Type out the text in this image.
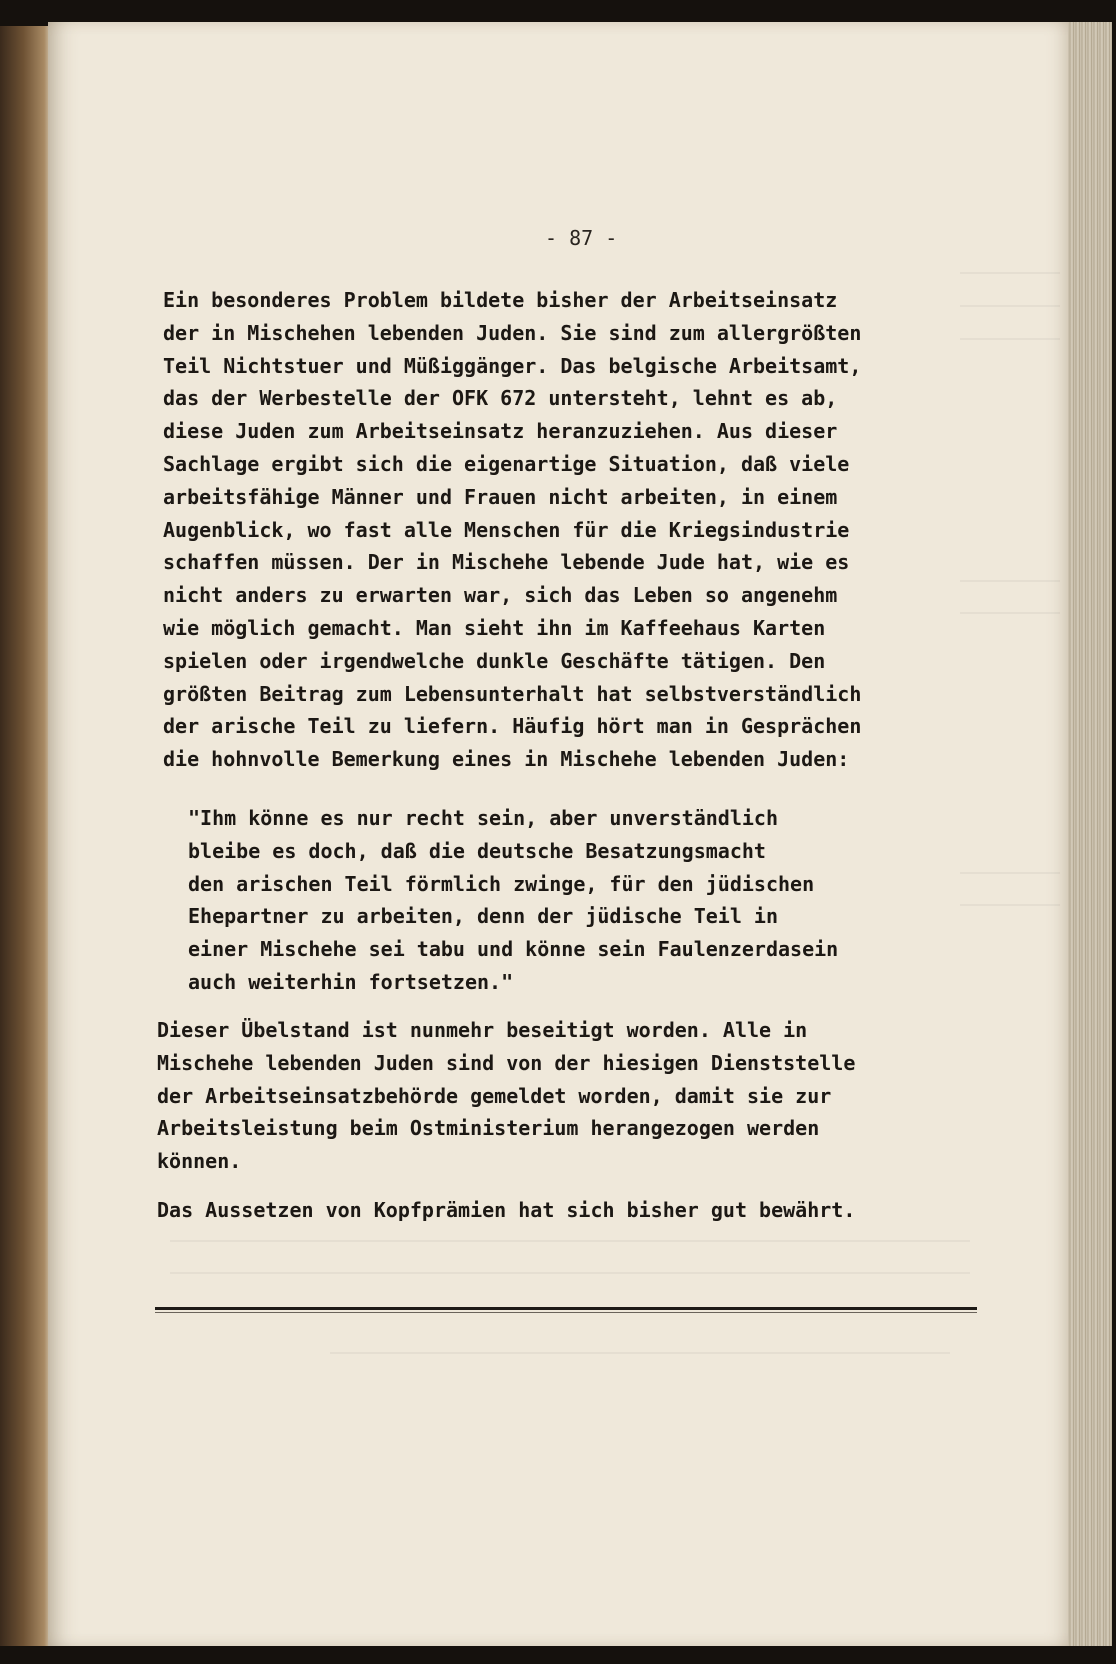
- 87 -
Ein besonderes Problem bildete bisher der Arbeitseinsatz
der in Mischehen lebenden Juden. Sie sind zum allergrößten
Teil Nichtstuer und Müßiggänger. Das belgische Arbeitsamt,
das der Werbestelle der OFK 672 untersteht, lehnt es ab,
diese Juden zum Arbeitseinsatz heranzuziehen. Aus dieser
Sachlage ergibt sich die eigenartige Situation, daß viele
arbeitsfähige Männer und Frauen nicht arbeiten, in einem
Augenblick, wo fast alle Menschen für die Kriegsindustrie
schaffen müssen. Der in Mischehe lebende Jude hat, wie es
nicht anders zu erwarten war, sich das Leben so angenehm
wie möglich gemacht. Man sieht ihn im Kaffeehaus Karten
spielen oder irgendwelche dunkle Geschäfte tätigen. Den
größten Beitrag zum Lebensunterhalt hat selbstverständlich
der arische Teil zu liefern. Häufig hört man in Gesprächen
die hohnvolle Bemerkung eines in Mischehe lebenden Juden:
"Ihm könne es nur recht sein, aber unverständlich
bleibe es doch, daß die deutsche Besatzungsmacht
den arischen Teil förmlich zwinge, für den jüdischen
Ehepartner zu arbeiten, denn der jüdische Teil in
einer Mischehe sei tabu und könne sein Faulenzerdasein
auch weiterhin fortsetzen."
Dieser Übelstand ist nunmehr beseitigt worden. Alle in
Mischehe lebenden Juden sind von der hiesigen Dienststelle
der Arbeitseinsatzbehörde gemeldet worden, damit sie zur
Arbeitsleistung beim Ostministerium herangezogen werden
können.
Das Aussetzen von Kopfprämien hat sich bisher gut bewährt.
